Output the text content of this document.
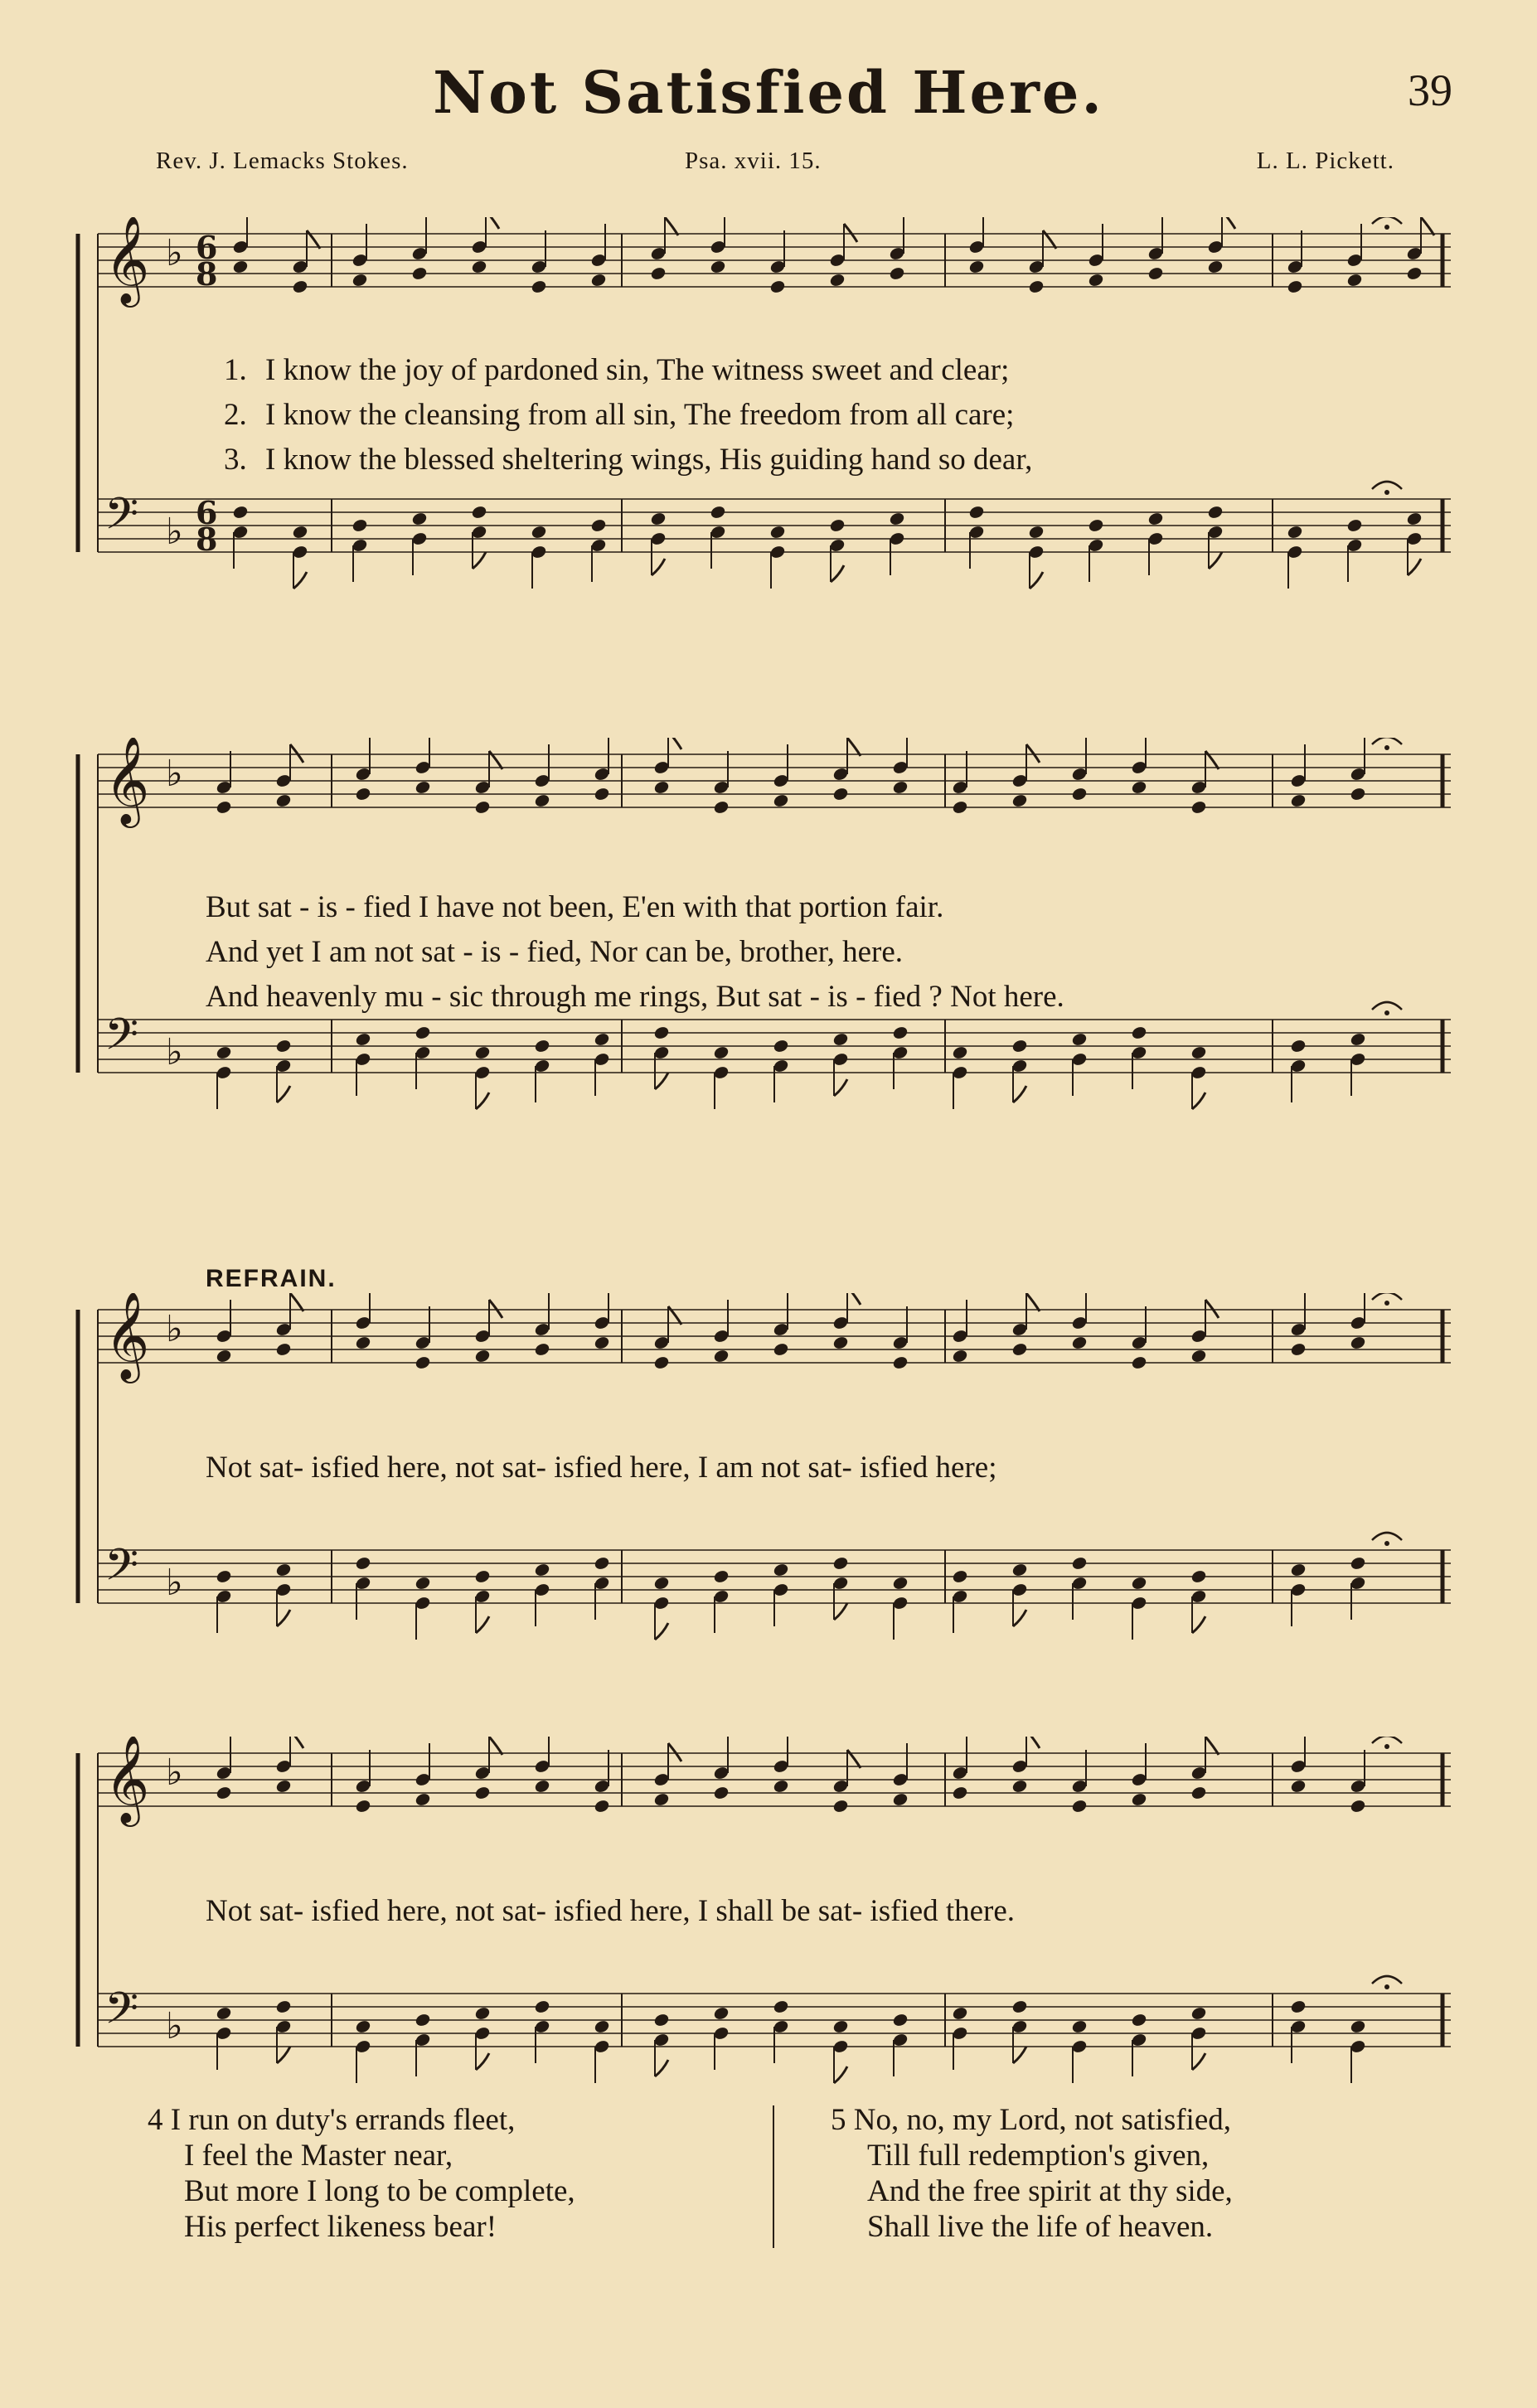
Not Satisfied Here.	39
Rev. J. Lemacks Stokes.	Psa. xvii. 15.	L. L. Pickett.
𝄞 ♭ 6
8
𝄢 ♭ 6
8
1. I know the joy of pardoned sin, The witness sweet and clear;
2. I know the cleansing from all sin, The freedom from all care;
3. I know the blessed sheltering wings, His guiding hand so dear,
𝄞 ♭
𝄢 ♭
But sat - is - fied I have not been, E'en with that portion fair.
And yet I am not sat - is - fied, Nor can be, brother, here.
And heavenly mu - sic through me rings, But sat - is - fied ? Not here.
REFRAIN.
𝄞 ♭
𝄢 ♭
Not sat- isfied here, not sat- isfied here, I am not sat- isfied here;
𝄞 ♭
𝄢 ♭
Not sat- isfied here, not sat- isfied here, I shall be sat- isfied there.
4 I run on duty's errands fleet,
I feel the Master near,
But more I long to be complete,
His perfect likeness bear!
5 No, no, my Lord, not satisfied,
Till full redemption's given,
And the free spirit at thy side,
Shall live the life of heaven.
